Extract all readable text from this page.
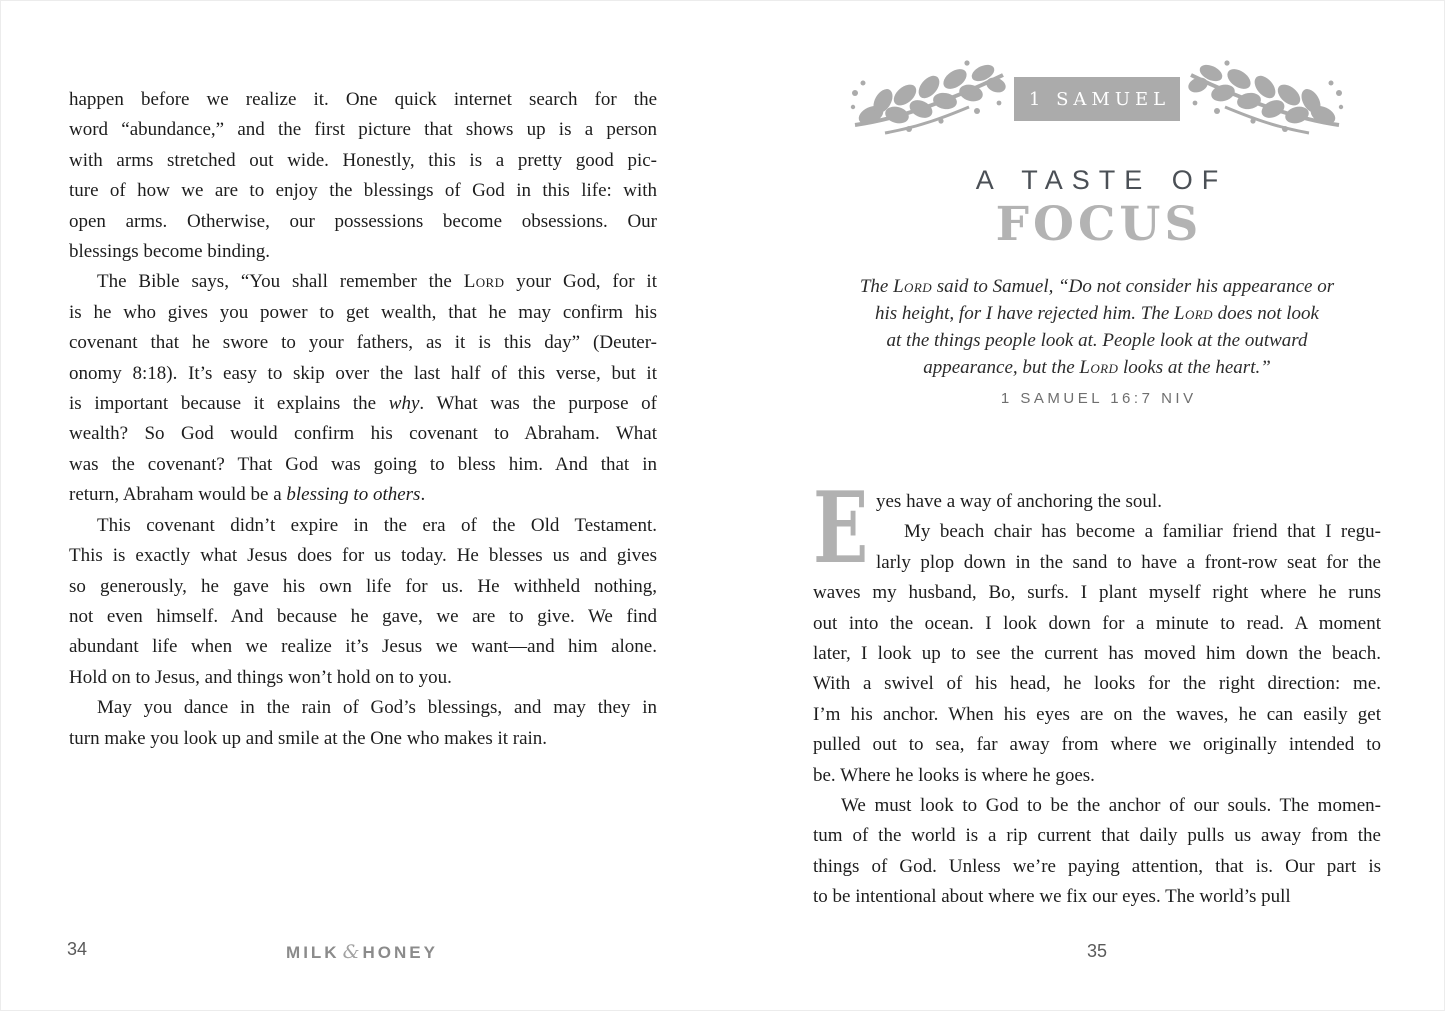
happen before we realize it. One quick internet search for the
word “abundance,” and the first picture that shows up is a person
with arms stretched out wide. Honestly, this is a pretty good pic-
ture of how we are to enjoy the blessings of God in this life: with
open arms. Otherwise, our possessions become obsessions. Our
blessings become binding.
The Bible says, “You shall remember the Lord your God, for it
is he who gives you power to get wealth, that he may confirm his
covenant that he swore to your fathers, as it is this day” (Deuter-
onomy 8:18). It’s easy to skip over the last half of this verse, but it
is important because it explains the why. What was the purpose of
wealth? So God would confirm his covenant to Abraham. What
was the covenant? That God was going to bless him. And that in
return, Abraham would be a blessing to others.
This covenant didn’t expire in the era of the Old Testament.
This is exactly what Jesus does for us today. He blesses us and gives
so generously, he gave his own life for us. He withheld nothing,
not even himself. And because he gave, we are to give. We find
abundant life when we realize it’s Jesus we want—and him alone.
Hold on to Jesus, and things won’t hold on to you.
May you dance in the rain of God’s blessings, and may they in
turn make you look up and smile at the One who makes it rain.
34	MILK & HONEY
1 SAMUEL
A TASTE OF
FOCUS
The Lord said to Samuel, “Do not consider his appearance or
his height, for I have rejected him. The Lord does not look
at the things people look at. People look at the outward
appearance, but the Lord looks at the heart.”
1 SAMUEL 16:7 NIV
E yes have a way of anchoring the soul.
My beach chair has become a familiar friend that I regu-
larly plop down in the sand to have a front-row seat for the
waves my husband, Bo, surfs. I plant myself right where he runs
out into the ocean. I look down for a minute to read. A moment
later, I look up to see the current has moved him down the beach.
With a swivel of his head, he looks for the right direction: me.
I’m his anchor. When his eyes are on the waves, he can easily get
pulled out to sea, far away from where we originally intended to
be. Where he looks is where he goes.
We must look to God to be the anchor of our souls. The momen-
tum of the world is a rip current that daily pulls us away from the
things of God. Unless we’re paying attention, that is. Our part is
to be intentional about where we fix our eyes. The world’s pull
35
